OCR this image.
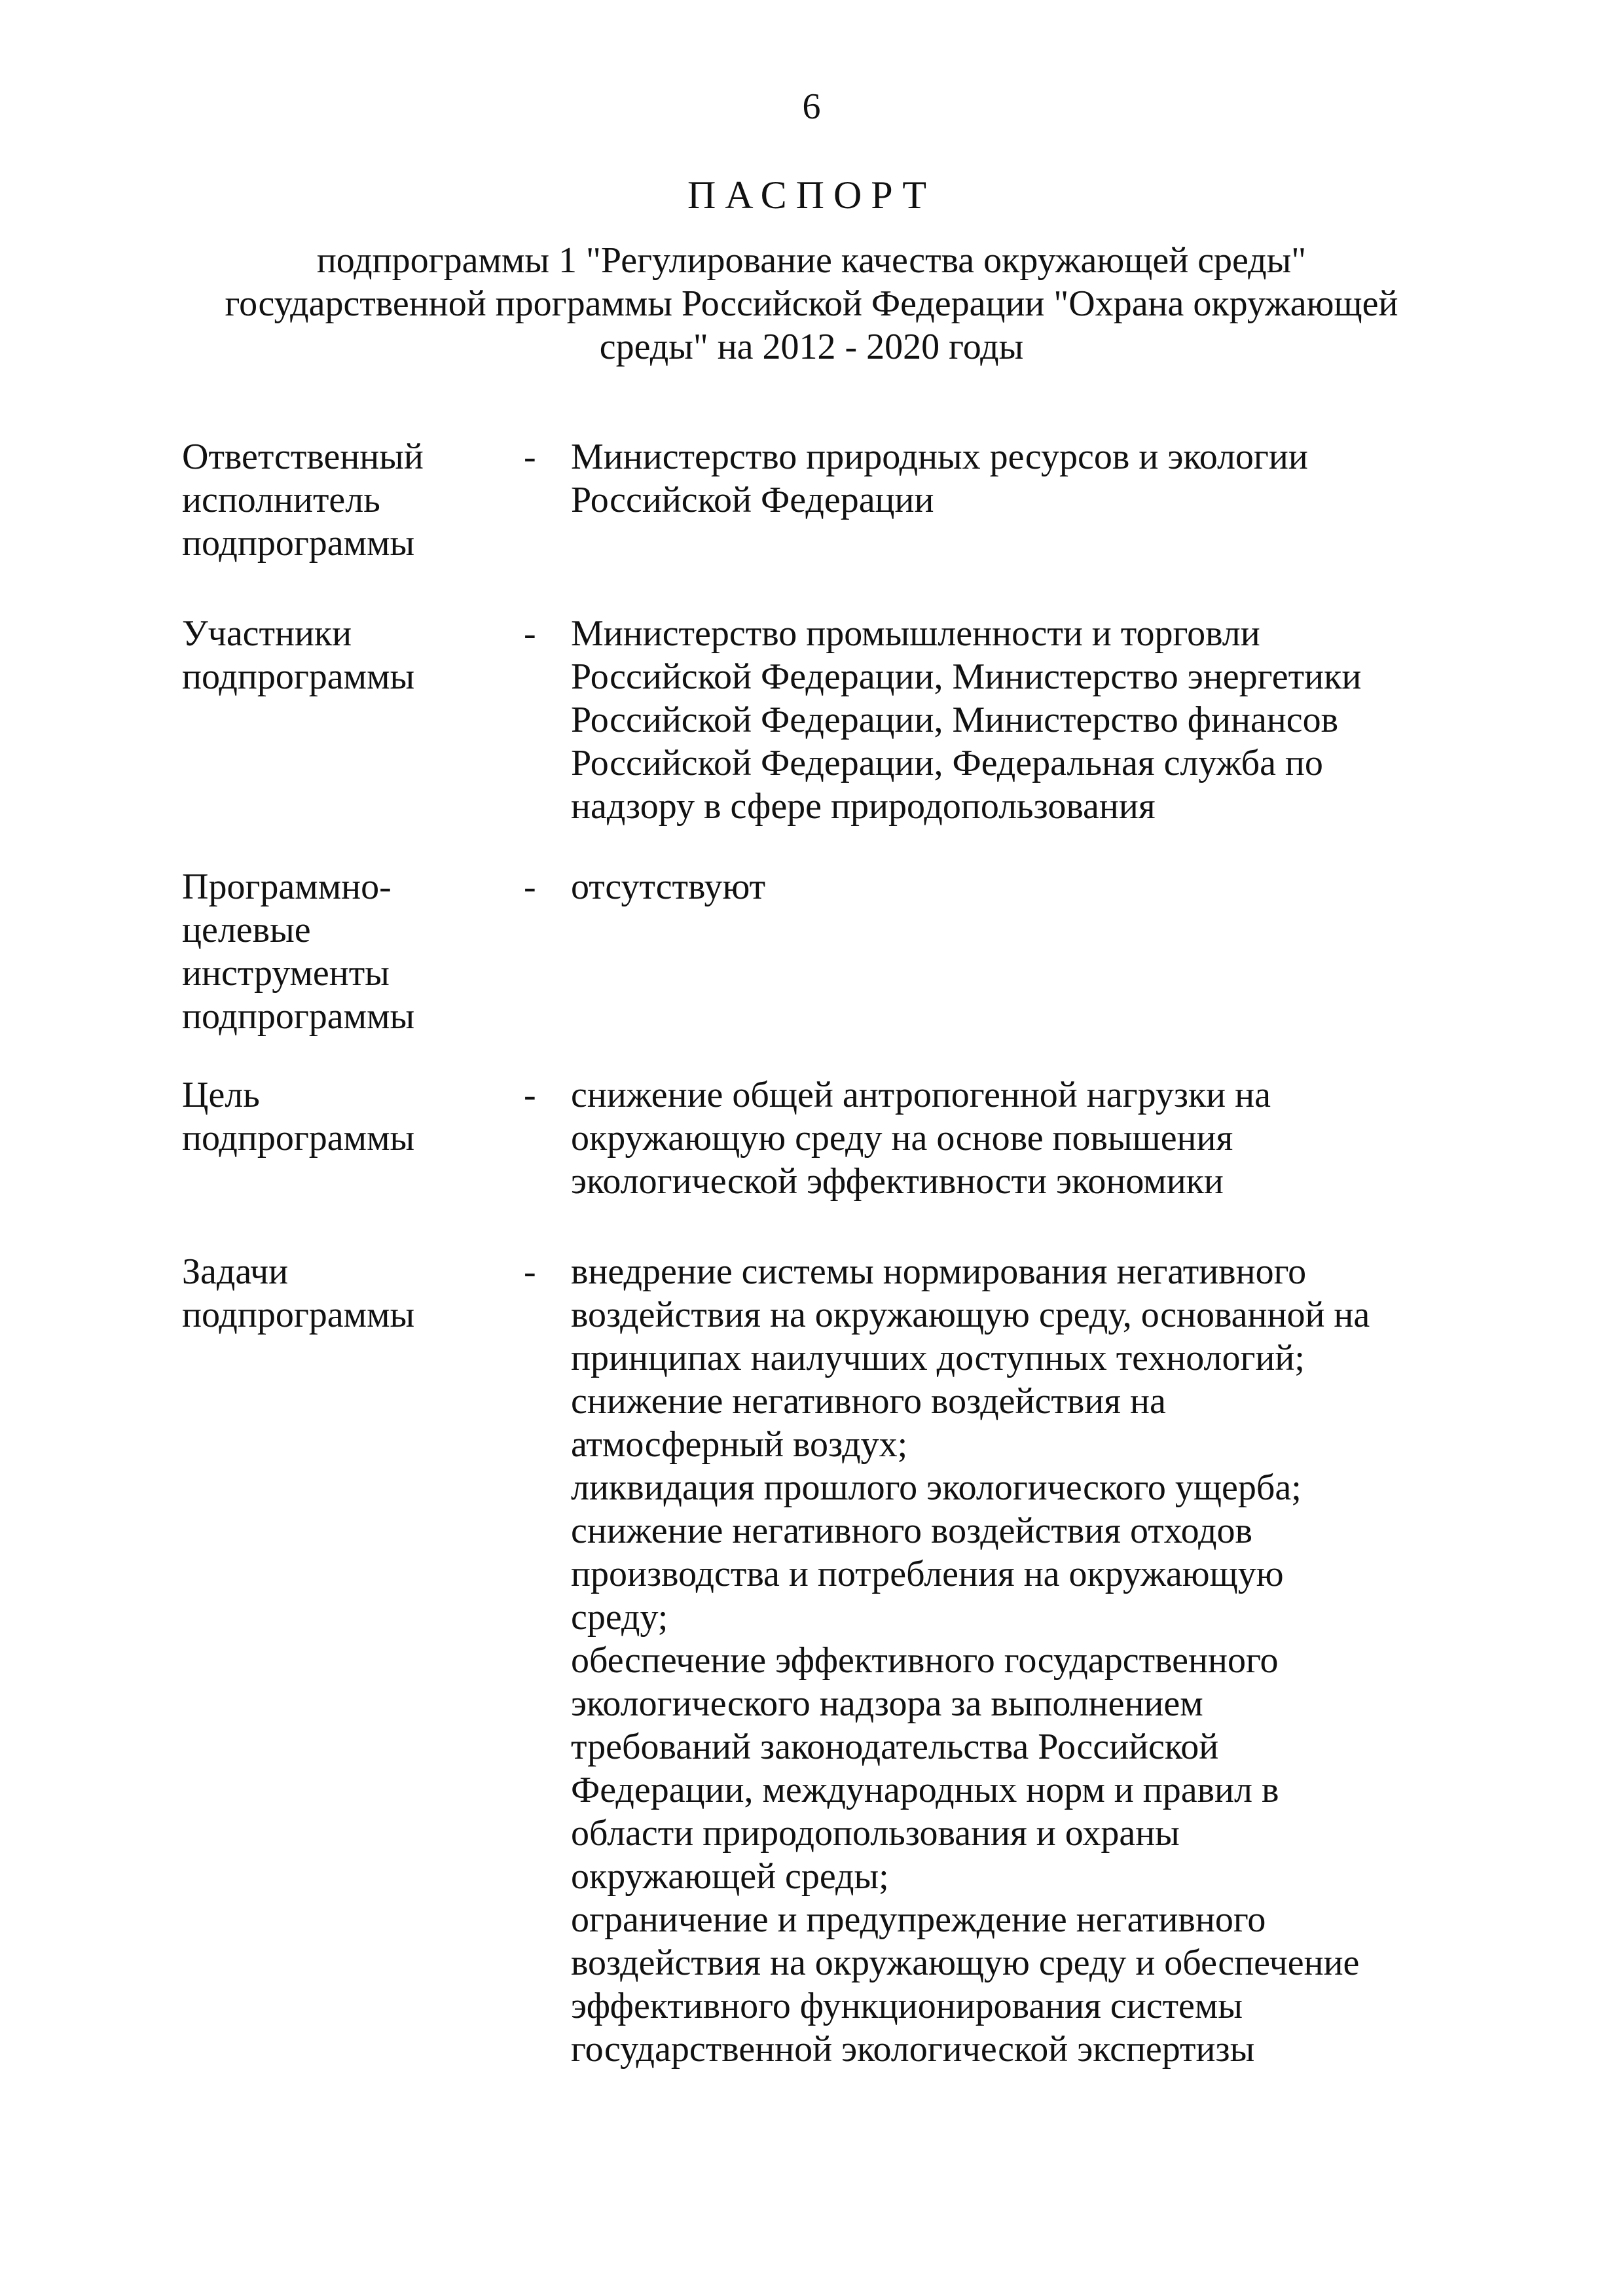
6
ПАСПОРТ
подпрограммы 1 "Регулирование качества окружающей среды"
государственной программы Российской Федерации "Охрана окружающей
среды" на 2012 - 2020 годы
Ответственный
исполнитель
подпрограммы
- Министерство природных ресурсов и экологии
Российской Федерации
Участники
подпрограммы
- Министерство промышленности и торговли
Российской Федерации, Министерство энергетики
Российской Федерации, Министерство финансов
Российской Федерации, Федеральная служба по
надзору в сфере природопользования
Программно-
целевые
инструменты
подпрограммы
- отсутствуют
Цель
подпрограммы
- снижение общей антропогенной нагрузки на
окружающую среду на основе повышения
экологической эффективности экономики
Задачи
подпрограммы
- внедрение системы нормирования негативного
воздействия на окружающую среду, основанной на
принципах наилучших доступных технологий;
снижение негативного воздействия на
атмосферный воздух;
ликвидация прошлого экологического ущерба;
снижение негативного воздействия отходов
производства и потребления на окружающую
среду;
обеспечение эффективного государственного
экологического надзора за выполнением
требований законодательства Российской
Федерации, международных норм и правил в
области природопользования и охраны
окружающей среды;
ограничение и предупреждение негативного
воздействия на окружающую среду и обеспечение
эффективного функционирования системы
государственной экологической экспертизы
